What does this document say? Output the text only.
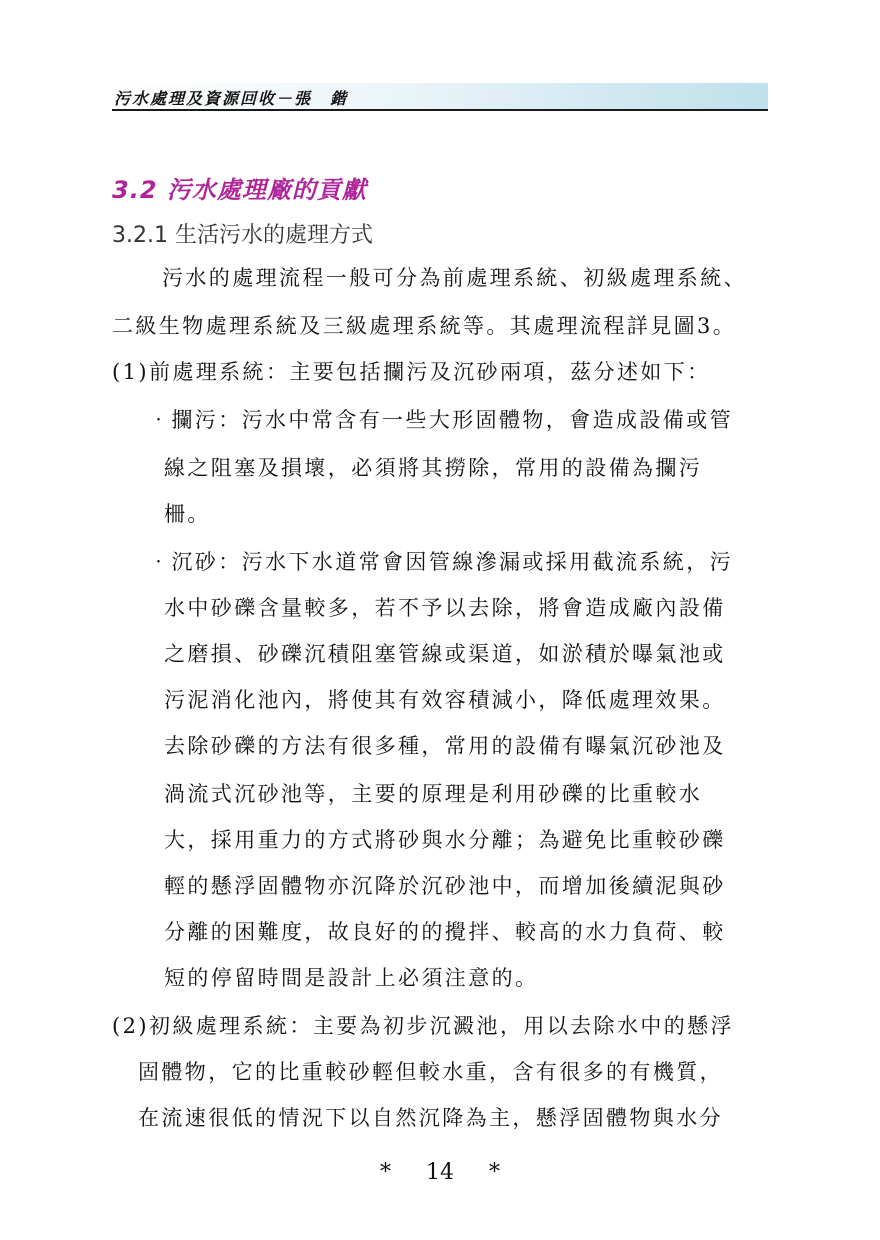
污水處理及資源回收－張　鍇
3.2 污水處理廠的貢獻
3.2.1 生活污水的處理方式
污水的處理流程一般可分為前處理系統、初級處理系統、
二級生物處理系統及三級處理系統等。其處理流程詳見圖3。
(1)前處理系統：主要包括攔污及沉砂兩項，茲分述如下：
‧攔污：污水中常含有一些大形固體物，會造成設備或管
線之阻塞及損壞，必須將其撈除，常用的設備為攔污
柵。
‧沉砂：污水下水道常會因管線滲漏或採用截流系統，污
水中砂礫含量較多，若不予以去除，將會造成廠內設備
之磨損、砂礫沉積阻塞管線或渠道，如淤積於曝氣池或
污泥消化池內，將使其有效容積減小，降低處理效果。
去除砂礫的方法有很多種，常用的設備有曝氣沉砂池及
渦流式沉砂池等，主要的原理是利用砂礫的比重較水
大，採用重力的方式將砂與水分離；為避免比重較砂礫
輕的懸浮固體物亦沉降於沉砂池中，而增加後續泥與砂
分離的困難度，故良好的的攪拌、較高的水力負荷、較
短的停留時間是設計上必須注意的。
(2)初級處理系統：主要為初步沉澱池，用以去除水中的懸浮
固體物，它的比重較砂輕但較水重，含有很多的有機質，
在流速很低的情況下以自然沉降為主，懸浮固體物與水分
* 14 *
